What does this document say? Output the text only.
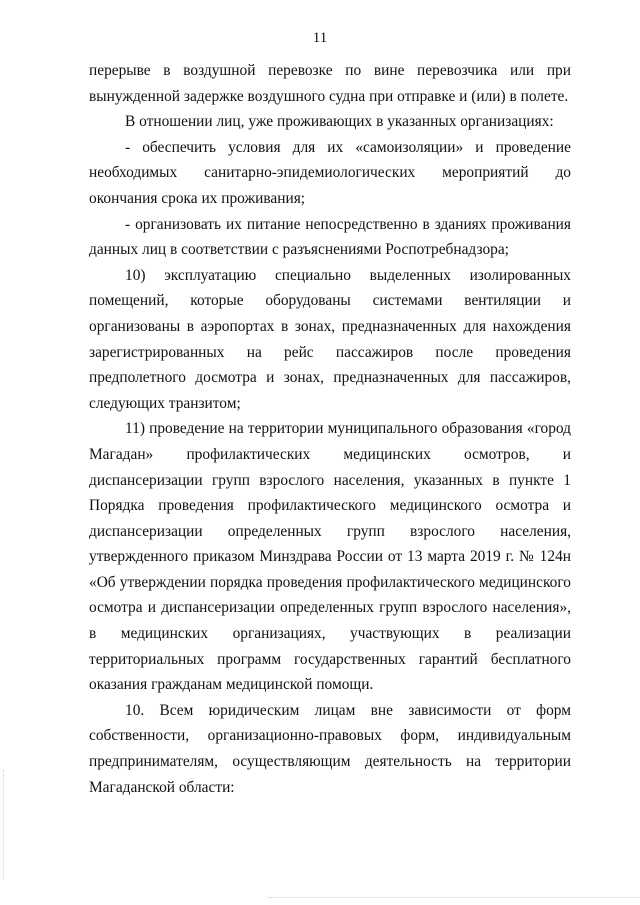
11

перерыве в воздушной перевозке по вине перевозчика или при вынужденной задержке воздушного судна при отправке и (или) в полете.

В отношении лиц, уже проживающих в указанных организациях:

- обеспечить условия для их «самоизоляции» и проведение необходимых санитарно-эпидемиологических мероприятий до окончания срока их проживания;

- организовать их питание непосредственно в зданиях проживания данных лиц в соответствии с разъяснениями Роспотребнадзора;

10) эксплуатацию специально выделенных изолированных помещений, которые оборудованы системами вентиляции и организованы в аэропортах в зонах, предназначенных для нахождения зарегистрированных на рейс пассажиров после проведения предполетного досмотра и зонах, предназначенных для пассажиров, следующих транзитом;

11) проведение на территории муниципального образования «город Магадан» профилактических медицинских осмотров, и диспансеризации групп взрослого населения, указанных в пункте 1 Порядка проведения профилактического медицинского осмотра и диспансеризации определенных групп взрослого населения, утвержденного приказом Минздрава России от 13 марта 2019 г. № 124н «Об утверждении порядка проведения профилактического медицинского осмотра и диспансеризации определенных групп взрослого населения», в медицинских организациях, участвующих в реализации территориальных программ государственных гарантий бесплатного оказания гражданам медицинской помощи.

10. Всем юридическим лицам вне зависимости от форм собственности, организационно-правовых форм, индивидуальным предпринимателям, осуществляющим деятельность на территории Магаданской области:
